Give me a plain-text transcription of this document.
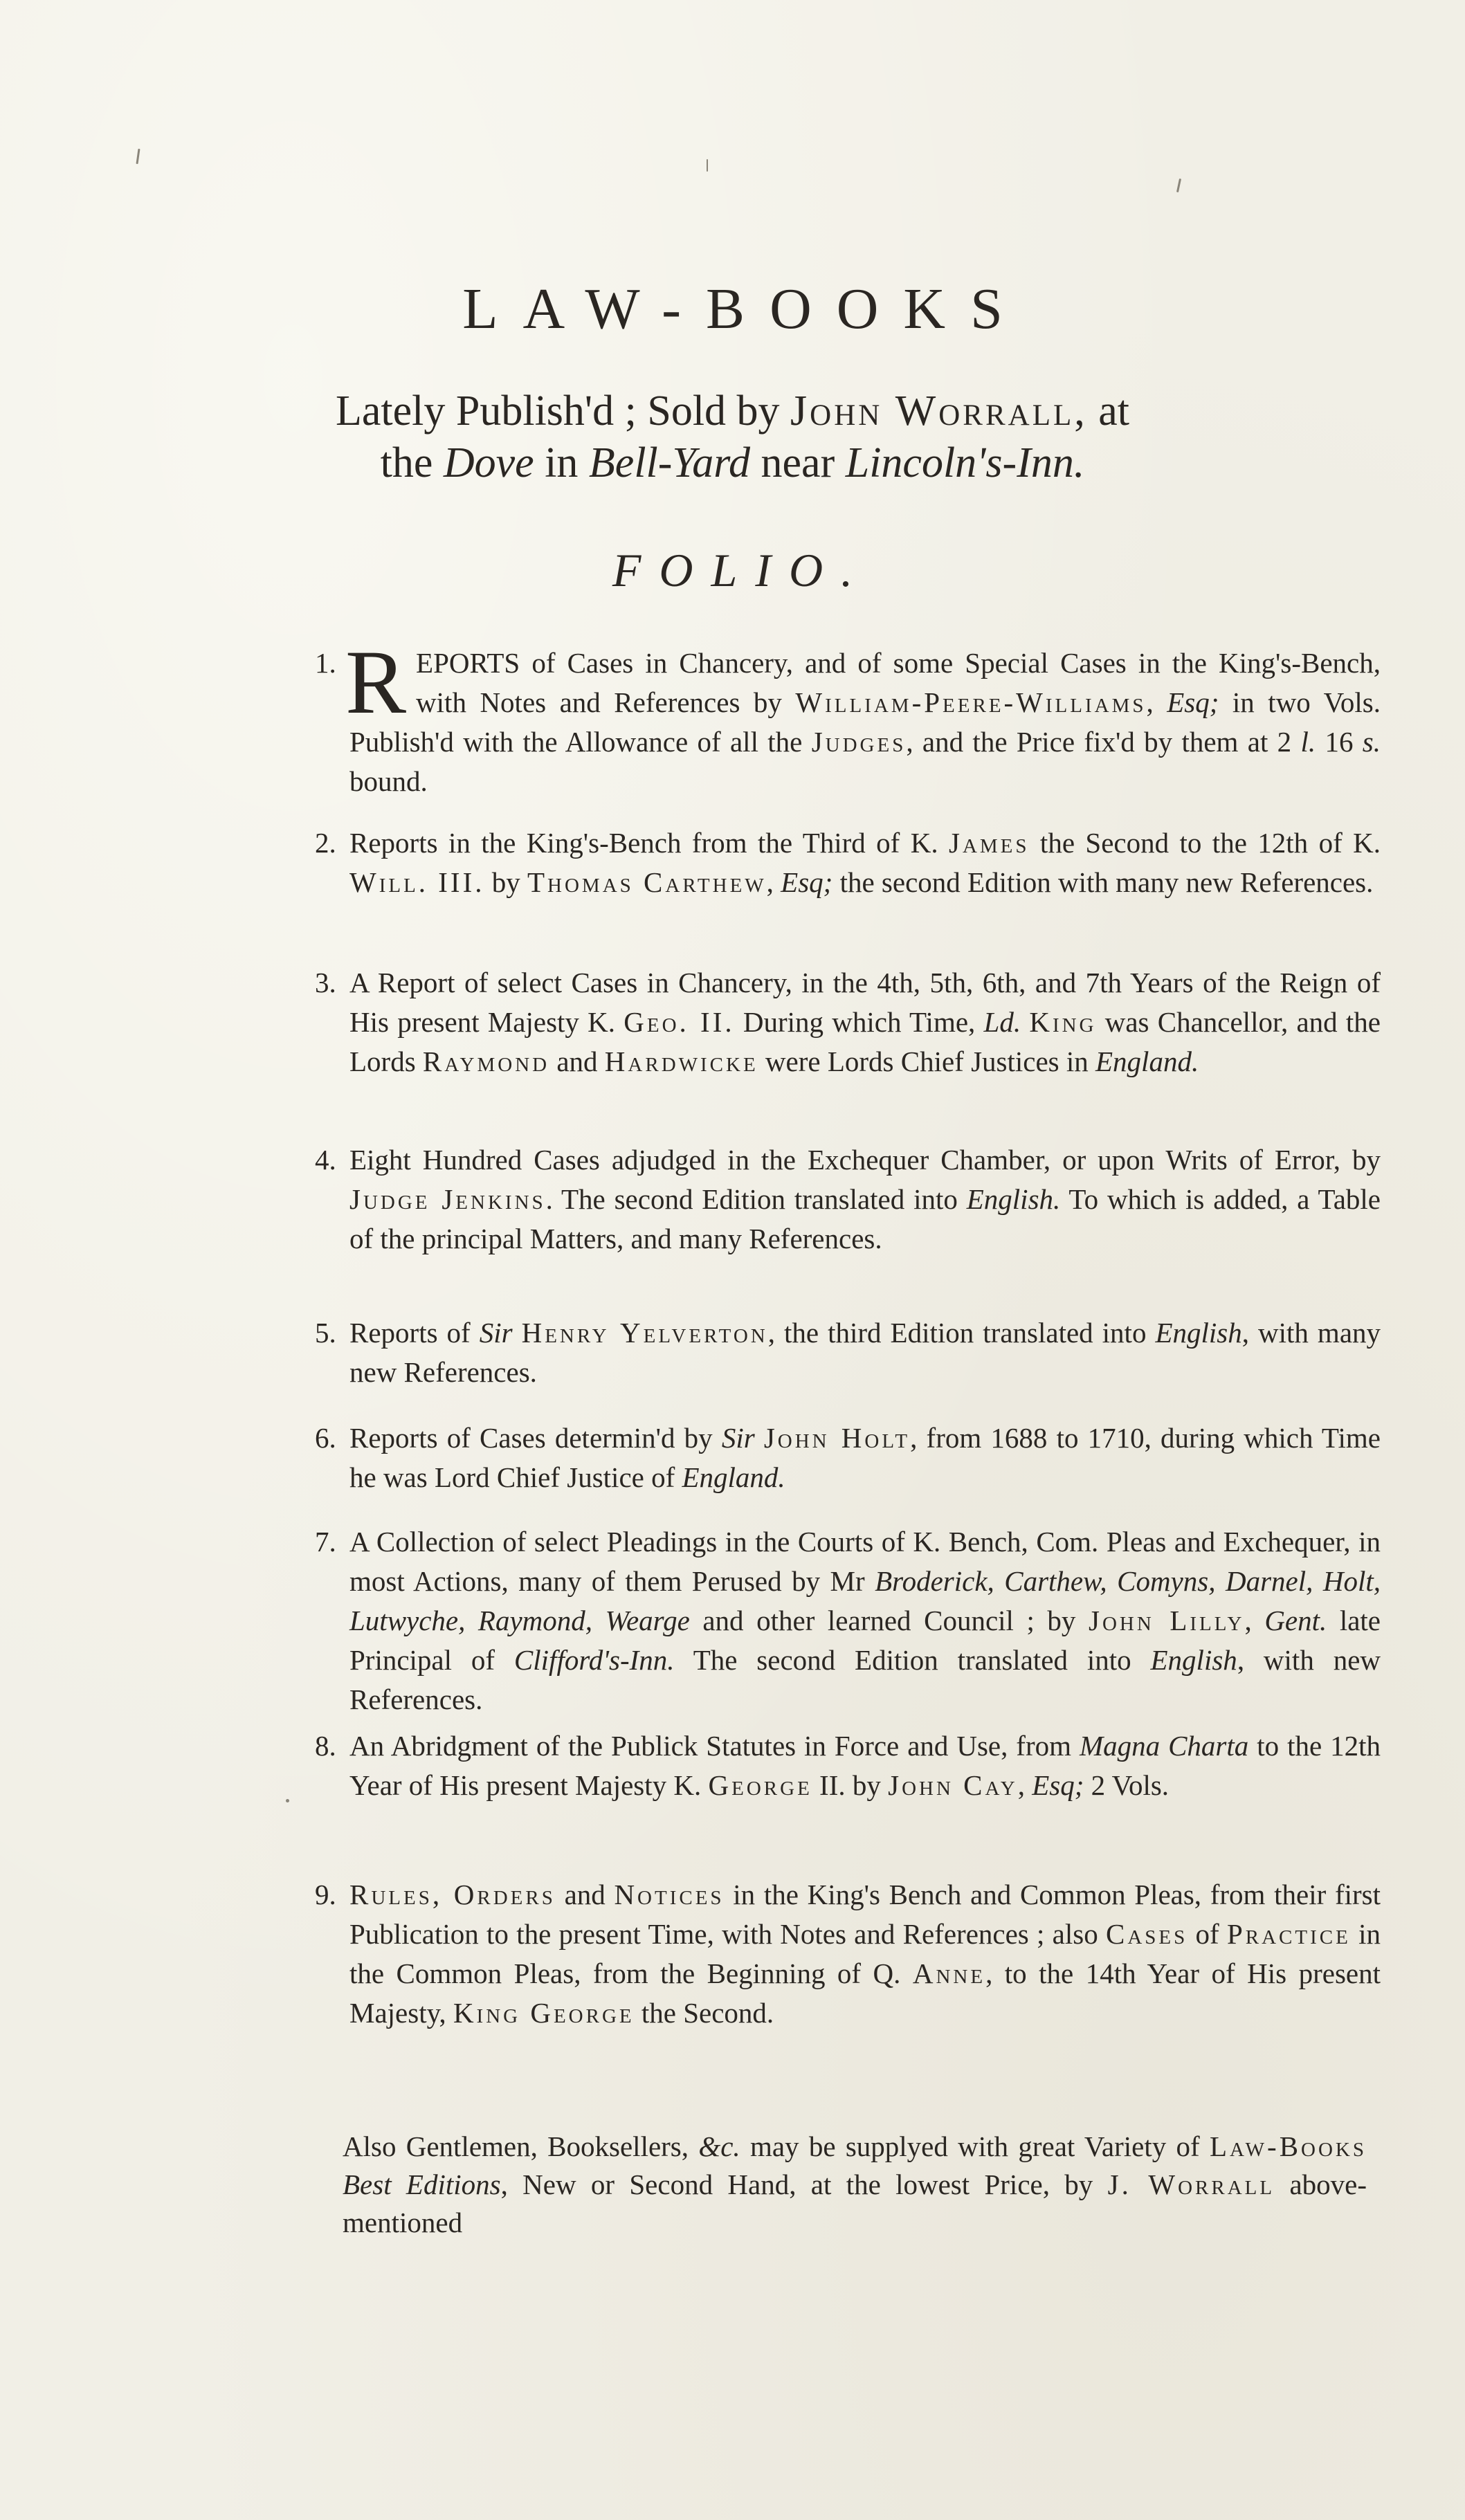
LAW-BOOKS
Lately Publish'd ; Sold by John Worrall, at
the Dove in Bell-Yard near Lincoln's-Inn.
FOLIO.
1. R EPORTS of Cases in Chancery, and of some Special Cases in the King's-Bench, with Notes and References by William-Peere-Williams, Esq; in two Vols. Publish'd with the Allowance of all the Judges, and the Price fix'd by them at 2 l. 16 s. bound.
2. Reports in the King's-Bench from the Third of K. James the Second to the 12th of K. Will. III. by Thomas Carthew, Esq; the second Edition with many new References.
3. A Report of select Cases in Chancery, in the 4th, 5th, 6th, and 7th Years of the Reign of His present Majesty K. Geo. II. During which Time, Ld. King was Chancellor, and the Lords Raymond and Hardwicke were Lords Chief Justices in England.
4. Eight Hundred Cases adjudged in the Exchequer Chamber, or upon Writs of Error, by Judge Jenkins. The second Edition translated into English. To which is added, a Table of the principal Matters, and many References.
5. Reports of Sir Henry Yelverton, the third Edition translated into English, with many new References.
6. Reports of Cases determin'd by Sir John Holt, from 1688 to 1710, during which Time he was Lord Chief Justice of England.
7. A Collection of select Pleadings in the Courts of K. Bench, Com. Pleas and Exchequer, in most Actions, many of them Perused by Mr Broderick, Carthew, Comyns, Darnel, Holt, Lutwyche, Raymond, Wearge and other learned Council ; by John Lilly, Gent. late Principal of Clifford's-Inn. The second Edition translated into English, with new References.
8. An Abridgment of the Publick Statutes in Force and Use, from Magna Charta to the 12th Year of His present Majesty K. George II. by John Cay, Esq; 2 Vols.
9. Rules, Orders and Notices in the King's Bench and Common Pleas, from their first Publication to the present Time, with Notes and References ; also Cases of Practice in the Common Pleas, from the Beginning of Q. Anne, to the 14th Year of His present Majesty, King George the Second.
Also Gentlemen, Booksellers, &c. may be supplyed with great Variety of Law-Books Best Editions, New or Second Hand, at the lowest Price, by J. Worrall above-mentioned
